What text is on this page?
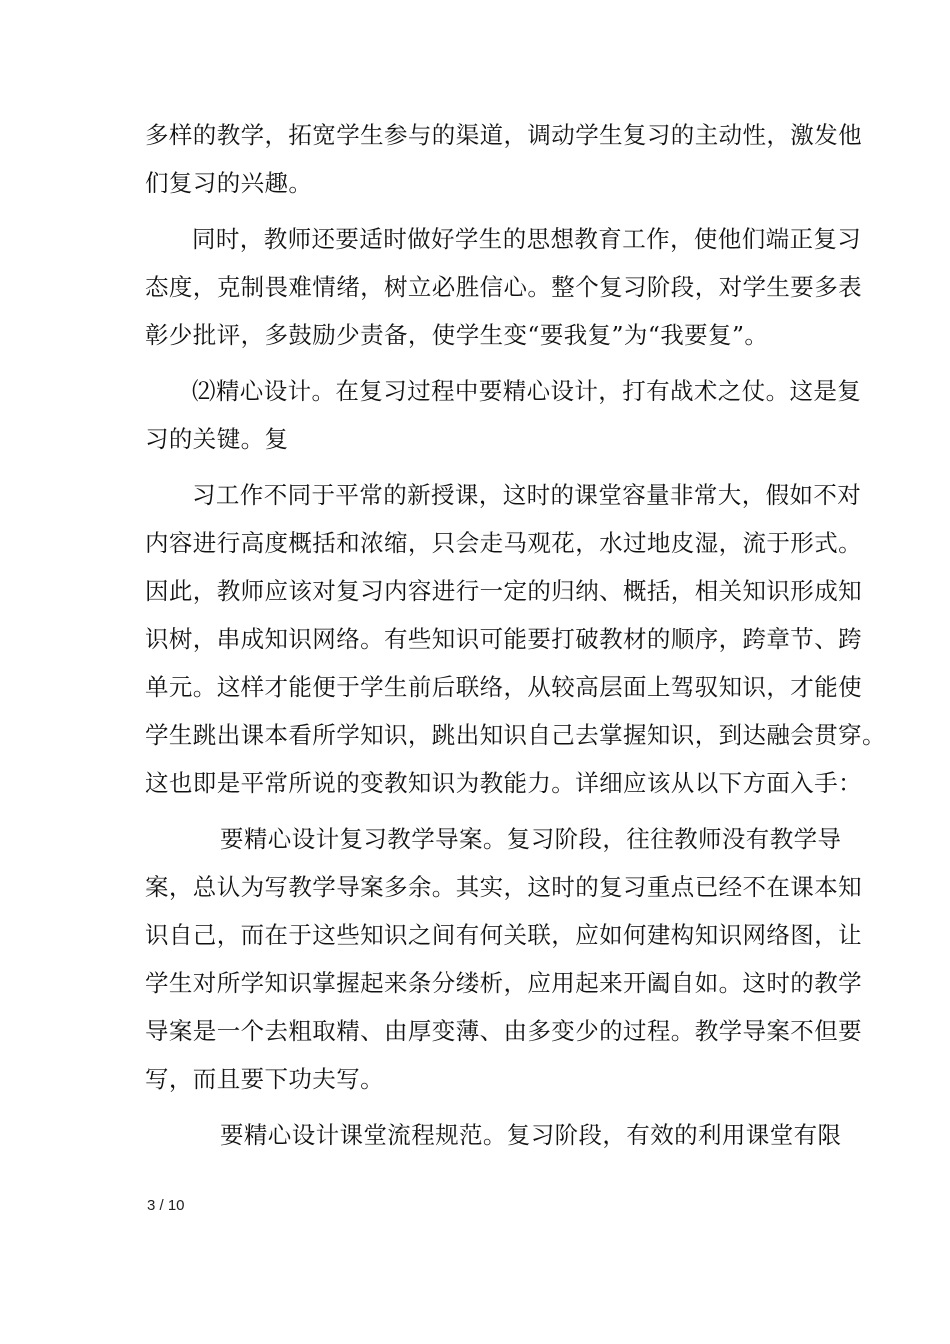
多样的教学，拓宽学生参与的渠道，调动学生复习的主动性，激发他
们复习的兴趣。
同时，教师还要适时做好学生的思想教育工作，使他们端正复习
态度，克制畏难情绪，树立必胜信心。整个复习阶段，对学生要多表
彰少批评，多鼓励少责备，使学生变“要我复”为“我要复”。
⑵精心设计。在复习过程中要精心设计，打有战术之仗。这是复
习的关键。复
习工作不同于平常的新授课，这时的课堂容量非常大，假如不对
内容进行高度概括和浓缩，只会走马观花，水过地皮湿，流于形式。
因此，教师应该对复习内容进行一定的归纳、概括，相关知识形成知
识树，串成知识网络。有些知识可能要打破教材的顺序，跨章节、跨
单元。这样才能便于学生前后联络，从较高层面上驾驭知识，才能使
学生跳出课本看所学知识，跳出知识自己去掌握知识，到达融会贯穿。
这也即是平常所说的变教知识为教能力。详细应该从以下方面入手：
要精心设计复习教学导案。复习阶段，往往教师没有教学导
案，总认为写教学导案多余。其实，这时的复习重点已经不在课本知
识自己，而在于这些知识之间有何关联，应如何建构知识网络图，让
学生对所学知识掌握起来条分缕析，应用起来开阖自如。这时的教学
导案是一个去粗取精、由厚变薄、由多变少的过程。教学导案不但要
写，而且要下功夫写。
要精心设计课堂流程规范。复习阶段，有效的利用课堂有限
3 / 10
